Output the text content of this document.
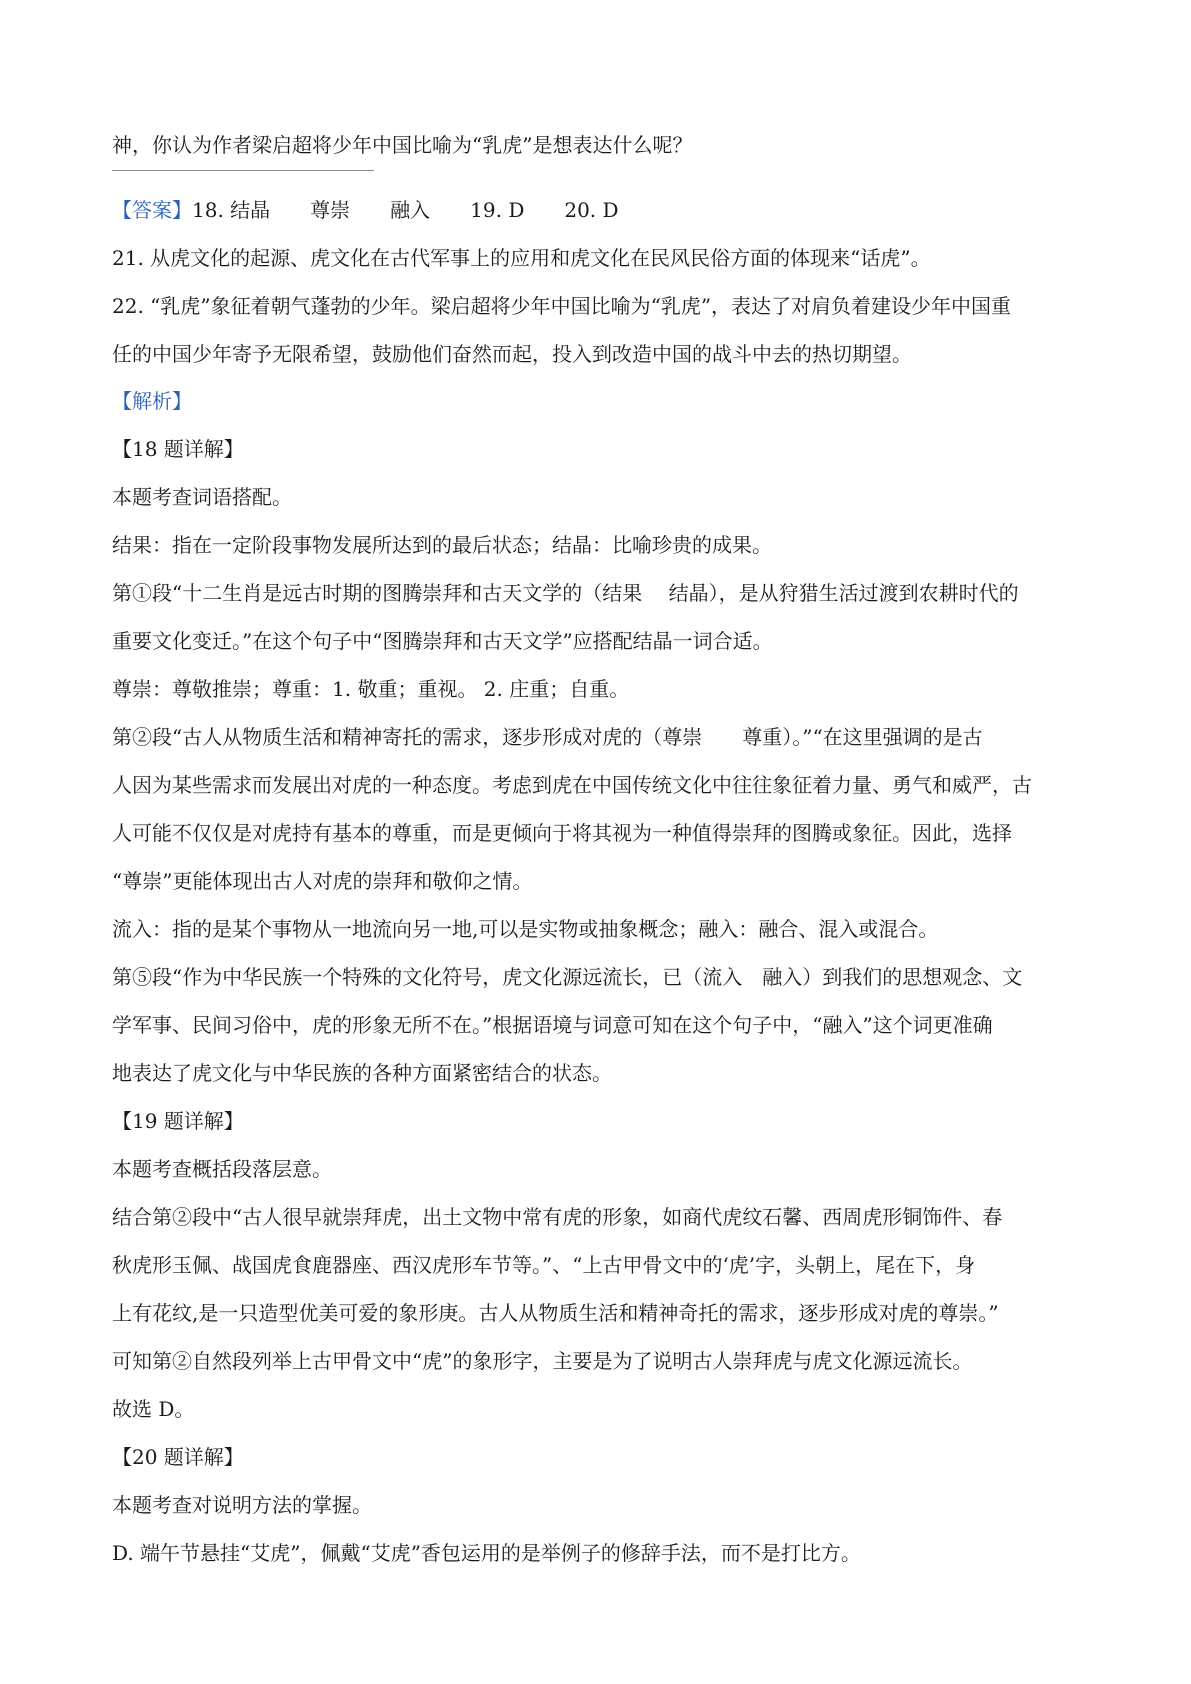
神，你认为作者梁启超将少年中国比喻为“乳虎”是想表达什么呢？
【答案】18. 结晶　　尊崇　　融入　　19. D　　20. D
21. 从虎文化的起源、虎文化在古代军事上的应用和虎文化在民风民俗方面的体现来“话虎”。
22. “乳虎”象征着朝气蓬勃的少年。梁启超将少年中国比喻为“乳虎”，表达了对肩负着建设少年中国重
任的中国少年寄予无限希望，鼓励他们奋然而起，投入到改造中国的战斗中去的热切期望。
【解析】
【18 题详解】
本题考查词语搭配。
结果：指在一定阶段事物发展所达到的最后状态；结晶：比喻珍贵的成果。
第①段“十二生肖是远古时期的图腾崇拜和古天文学的（结果　 结晶），是从狩猎生活过渡到农耕时代的
重要文化变迁。”在这个句子中“图腾崇拜和古天文学”应搭配结晶一词合适。
尊崇：尊敬推崇；尊重：1. 敬重；重视。 2. 庄重；自重。
第②段“古人从物质生活和精神寄托的需求，逐步形成对虎的（尊崇　　尊重）。”“在这里强调的是古
人因为某些需求而发展出对虎的一种态度。考虑到虎在中国传统文化中往往象征着力量、勇气和威严，古
人可能不仅仅是对虎持有基本的尊重，而是更倾向于将其视为一种值得崇拜的图腾或象征。因此，选择
“尊崇”更能体现出古人对虎的崇拜和敬仰之情。
流入：指的是某个事物从一地流向另一地,可以是实物或抽象概念；融入：融合、混入或混合。
第⑤段“作为中华民族一个特殊的文化符号，虎文化源远流长，已（流入　融入）到我们的思想观念、文
学军事、民间习俗中，虎的形象无所不在。”根据语境与词意可知在这个句子中，“融入”这个词更准确
地表达了虎文化与中华民族的各种方面紧密结合的状态。
【19 题详解】
本题考查概括段落层意。
结合第②段中“古人很早就崇拜虎，出土文物中常有虎的形象，如商代虎纹石馨、西周虎形铜饰件、春
秋虎形玉佩、战国虎食鹿器座、西汉虎形车节等。”、“上古甲骨文中的‘虎’字，头朝上，尾在下，身
上有花纹,是一只造型优美可爱的象形庚。古人从物质生活和精神奇托的需求，逐步形成对虎的尊崇。”
可知第②自然段列举上古甲骨文中“虎”的象形字，主要是为了说明古人崇拜虎与虎文化源远流长。
故选 D。
【20 题详解】
本题考查对说明方法的掌握。
D. 端午节悬挂“艾虎”，佩戴“艾虎”香包运用的是举例子的修辞手法，而不是打比方。
